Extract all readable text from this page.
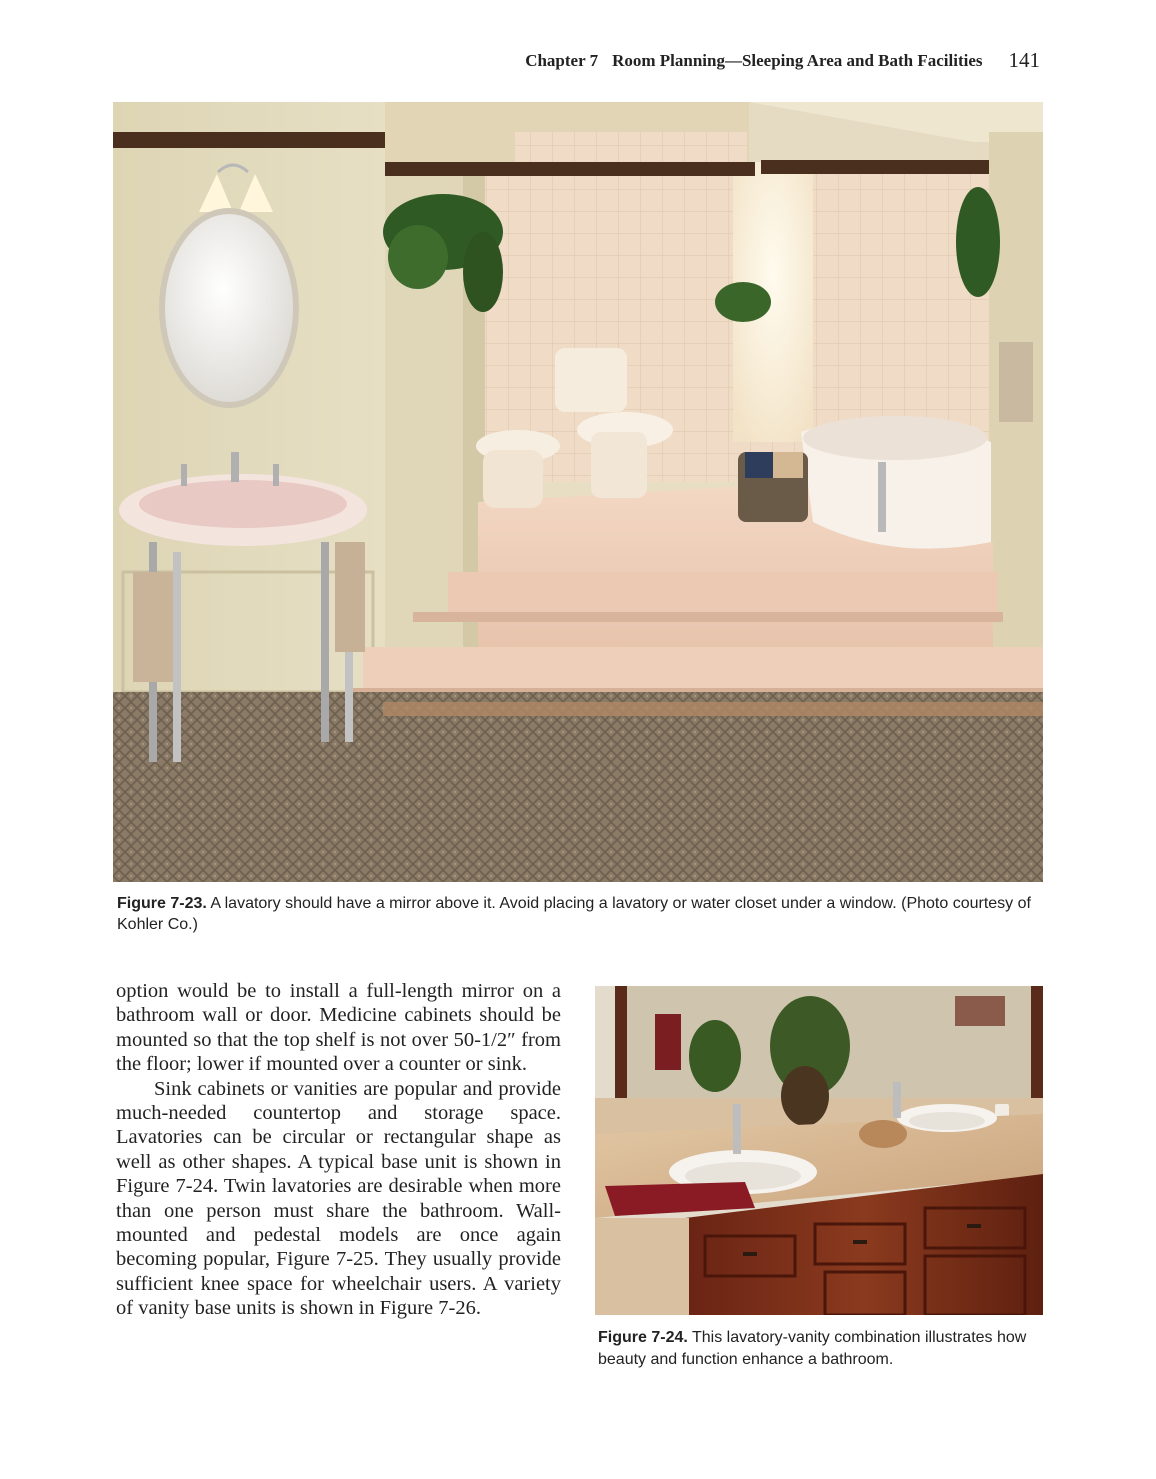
Chapter 7 Room Planning—Sleeping Area and Bath Facilities 141
Figure 7-23. A lavatory should have a mirror above it. Avoid placing a lavatory or water closet under a window. (Photo courtesy of Kohler Co.)

option would be to install a full-length mirror on a bathroom wall or door. Medicine cabinets should be mounted so that the top shelf is not over 50-1/2″ from the floor; lower if mounted over a counter or sink.

Sink cabinets or vanities are popular and provide much-needed countertop and storage space. Lavatories can be circular or rectangular shape as well as other shapes. A typical base unit is shown in Figure 7-24. Twin lavatories are desirable when more than one person must share the bathroom. Wall-mounted and pedestal models are once again becoming popular, Figure 7-25. They usually provide sufficient knee space for wheelchair users. A variety of vanity base units is shown in Figure 7-26.

Figure 7-24. This lavatory-vanity combination illustrates how beauty and function enhance a bathroom.
